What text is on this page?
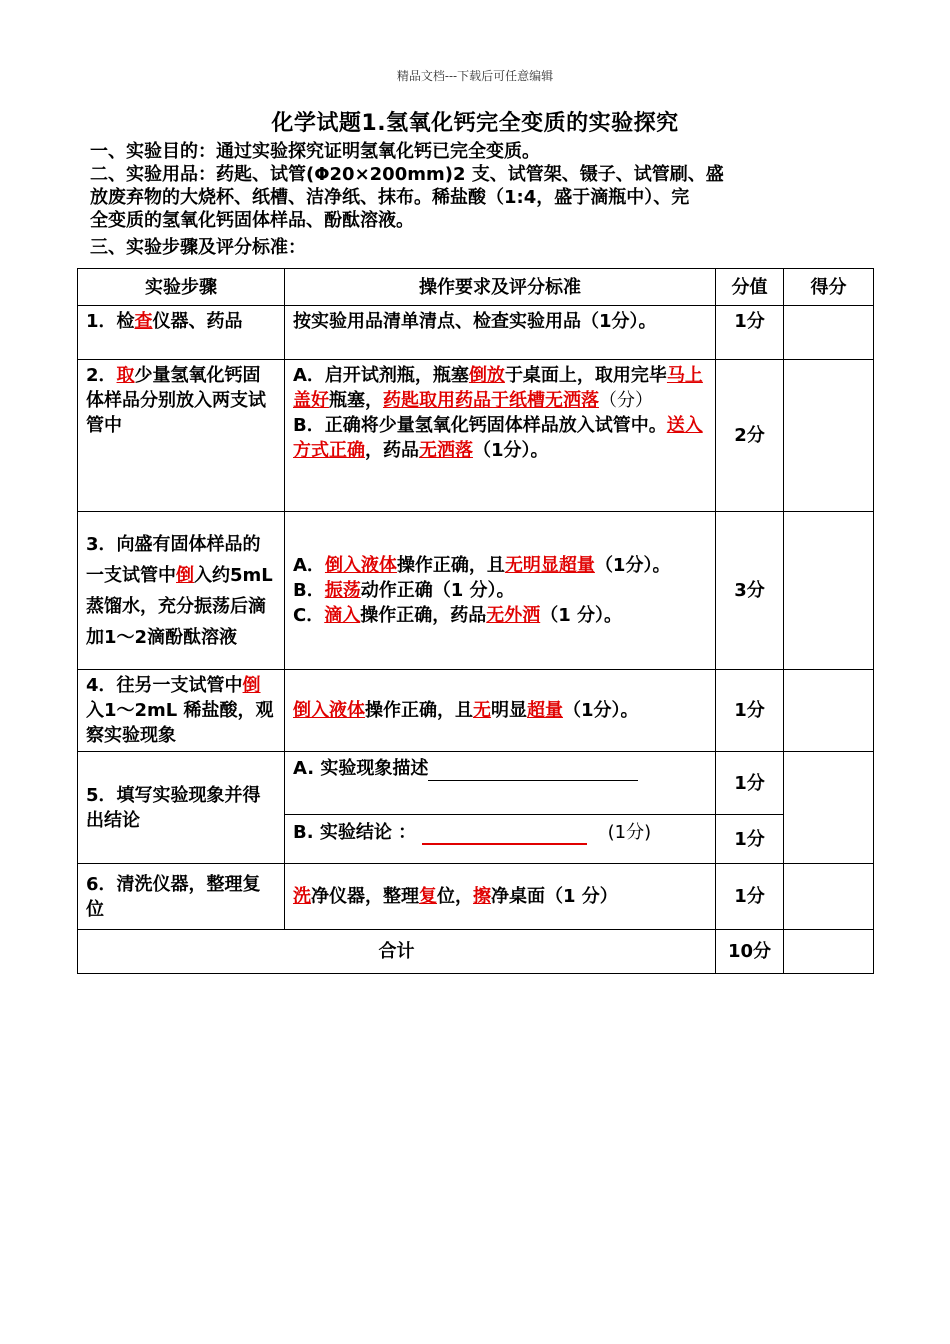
精品文档---下载后可任意编辑
化学试题1.氢氧化钙完全变质的实验探究

一、实验目的：通过实验探究证明氢氧化钙已完全变质。

二、实验用品：药匙、试管(Φ20×200mm)2 支、试管架、镊子、试管刷、盛

放废弃物的大烧杯、纸槽、洁净纸、抹布。稀盐酸（1:4，盛于滴瓶中）、完

全变质的氢氧化钙固体样品、酚酞溶液。

三、实验步骤及评分标准：

实验步骤	操作要求及评分标准	分值	得分
1．检查仪器、药品	按实验用品清单清点、检查实验用品（1分）。	1分	
2．取少量氢氧化钙固体样品分别放入两支试管中	A．启开试剂瓶，瓶塞倒放于桌面上，取用完毕马上盖好瓶塞，药匙取用药品于纸槽无洒落（分）
B．正确将少量氢氧化钙固体样品放入试管中。送入方式正确，药品无洒落（1分）。	2分	
3．向盛有固体样品的一支试管中倒入约5mL 蒸馏水，充分振荡后滴加1～2滴酚酞溶液	A．倒入液体操作正确，且无明显超量（1分）。
B．振荡动作正确（1 分）。
C．滴入操作正确，药品无外洒（1 分）。	3分	
4．往另一支试管中倒入1～2mL 稀盐酸，观察实验现象	倒入液体操作正确，且无明显超量（1分）。	1分	
5．填写实验现象并得出结论	A. 实验现象描述	1分	
	B. 实验结论 ： (1分)	1分	
6．清洗仪器，整理复位	洗净仪器，整理复位，擦净桌面（1 分）	1分	
合计		10分	
